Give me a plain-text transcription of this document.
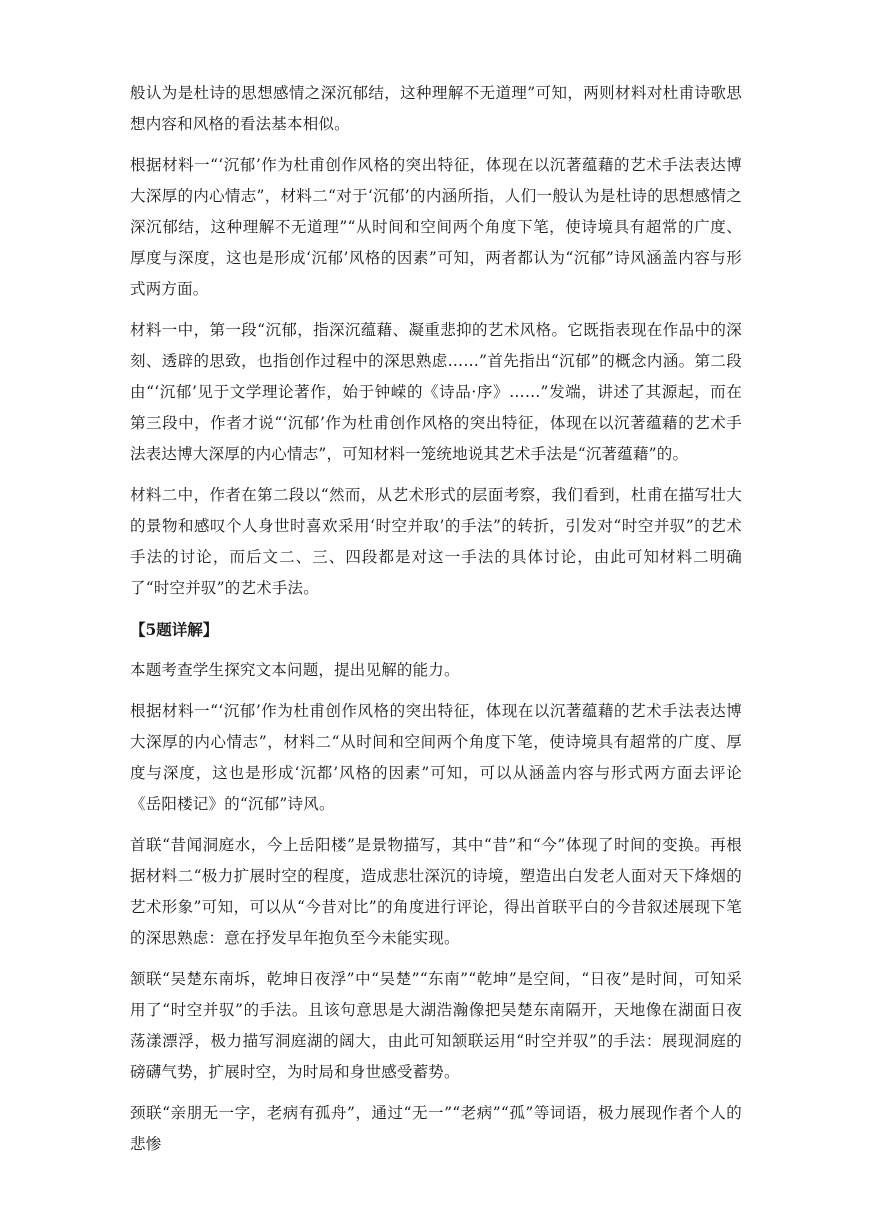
般认为是杜诗的思想感情之深沉郁结，这种理解不无道理”可知，两则材料对杜甫诗歌思想内容和风格的看法基本相似。

根据材料一“‘沉郁’作为杜甫创作风格的突出特征，体现在以沉著蕴藉的艺术手法表达博大深厚的内心情志”，材料二“对于‘沉郁’的内涵所指，人们一般认为是杜诗的思想感情之深沉郁结，这种理解不无道理”“从时间和空间两个角度下笔，使诗境具有超常的广度、厚度与深度，这也是形成‘沉郁’风格的因素”可知，两者都认为“沉郁”诗风涵盖内容与形式两方面。

材料一中，第一段“沉郁，指深沉蕴藉、凝重悲抑的艺术风格。它既指表现在作品中的深刻、透辟的思致，也指创作过程中的深思熟虑……”首先指出“沉郁”的概念内涵。第二段由“‘沉郁’见于文学理论著作，始于钟嵘的《诗品·序》……”发端，讲述了其源起，而在第三段中，作者才说“‘沉郁’作为杜甫创作风格的突出特征，体现在以沉著蕴藉的艺术手法表达博大深厚的内心情志”，可知材料一笼统地说其艺术手法是“沉著蕴藉”的。

材料二中，作者在第二段以“然而，从艺术形式的层面考察，我们看到，杜甫在描写壮大的景物和感叹个人身世时喜欢采用‘时空并取’的手法”的转折，引发对“时空并驭”的艺术手法的讨论，而后文二、三、四段都是对这一手法的具体讨论，由此可知材料二明确了“时空并驭”的艺术手法。

【5题详解】

本题考查学生探究文本问题，提出见解的能力。

根据材料一“‘沉郁’作为杜甫创作风格的突出特征，体现在以沉著蕴藉的艺术手法表达博大深厚的内心情志”，材料二“从时间和空间两个角度下笔，使诗境具有超常的广度、厚度与深度，这也是形成‘沉都’风格的因素”可知，可以从涵盖内容与形式两方面去评论《岳阳楼记》的“沉郁”诗风。

首联“昔闻洞庭水，今上岳阳楼”是景物描写，其中“昔”和“今”体现了时间的变换。再根据材料二“极力扩展时空的程度，造成悲壮深沉的诗境，塑造出白发老人面对天下烽烟的艺术形象”可知，可以从“今昔对比”的角度进行评论，得出首联平白的今昔叙述展现下笔的深思熟虑：意在抒发早年抱负至今未能实现。

颔联“吴楚东南坼，乾坤日夜浮”中“吴楚”“东南”“乾坤”是空间，“日夜”是时间，可知采用了“时空并驭”的手法。且该句意思是大湖浩瀚像把吴楚东南隔开，天地像在湖面日夜荡漾漂浮，极力描写洞庭湖的阔大，由此可知颔联运用“时空并驭”的手法：展现洞庭的磅礴气势，扩展时空，为时局和身世感受蓄势。

颈联“亲朋无一字，老病有孤舟”，通过“无一”“老病”“孤”等词语，极力展现作者个人的悲惨
